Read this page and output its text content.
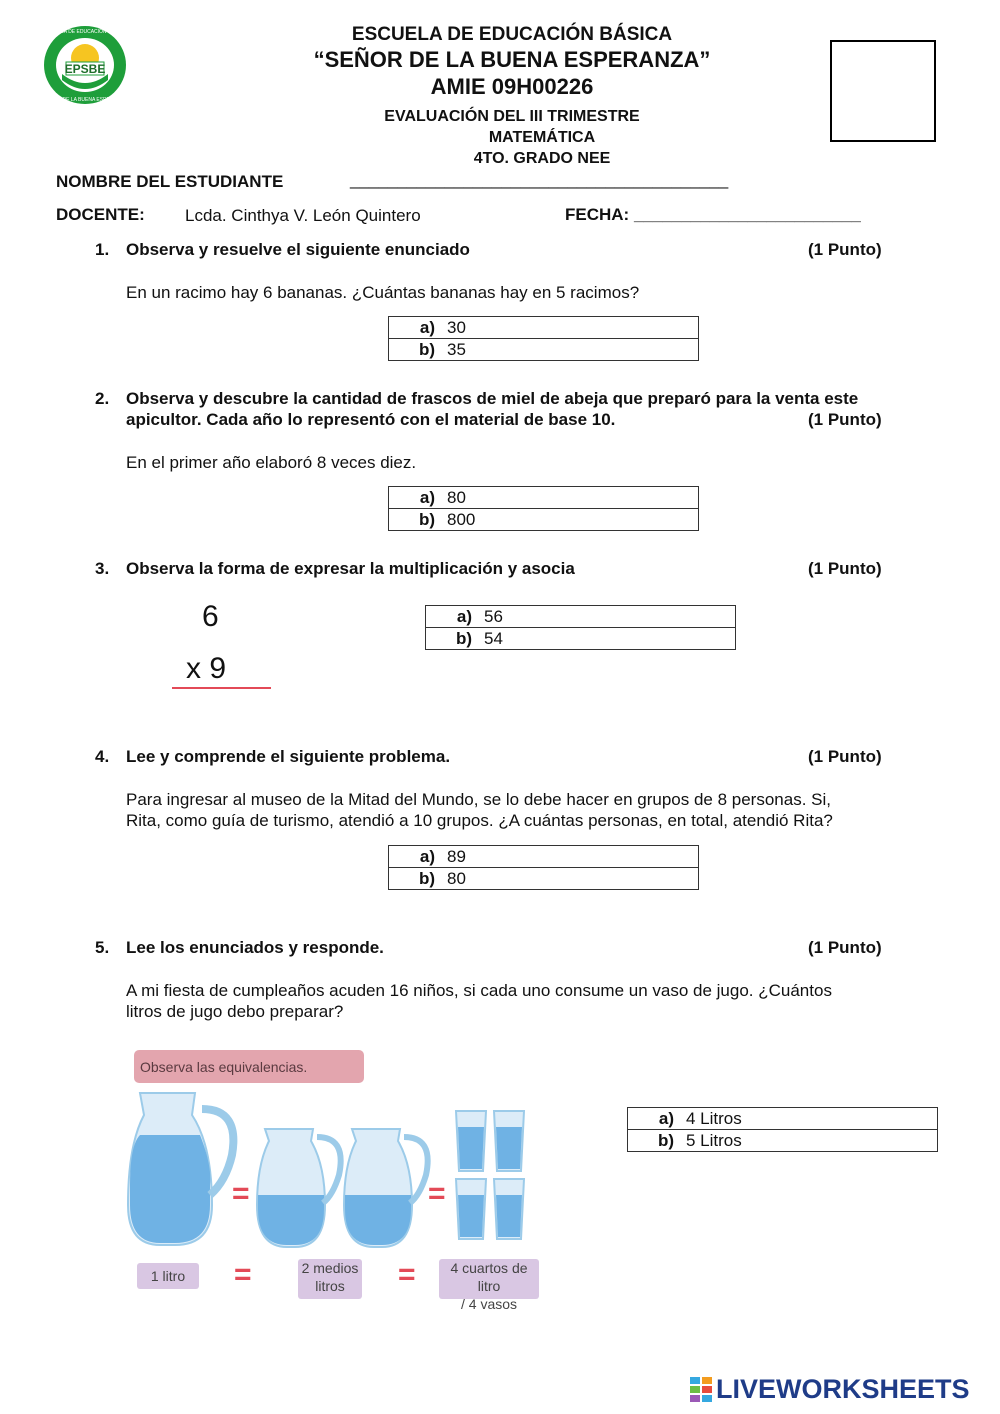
EPSBE
ESCUELA DE EDUCACIÓN BÁSICA
SEÑOR DE LA BUENA ESPERANZA
ESCUELA DE EDUCACIÓN BÁSICA
“SEÑOR DE LA BUENA ESPERANZA”
AMIE 09H00226
EVALUACIÓN DEL III TRIMESTRE
MATEMÁTICA
4TO. GRADO NEE
NOMBRE DEL ESTUDIANTE	________________________________________
DOCENTE: Lcda. Cinthya V. León Quintero	FECHA: ________________________
1. Observa y resuelve el siguiente enunciado	(1 Punto)
En un racimo hay 6 bananas. ¿Cuántas bananas hay en 5 racimos?
a) 30

b) 35
2. Observa y descubre la cantidad de frascos de miel de abeja que preparó para la venta este
apicultor. Cada año lo representó con el material de base 10.	(1 Punto)
En el primer año elaboró 8 veces diez.
a) 80

b) 800
3. Observa la forma de expresar la multiplicación y asocia	(1 Punto)
6
x 9
a) 56

b) 54
4. Lee y comprende el siguiente problema.	(1 Punto)
Para ingresar al museo de la Mitad del Mundo, se lo debe hacer en grupos de 8 personas. Si,
Rita, como guía de turismo, atendió a 10 grupos. ¿A cuántas personas, en total, atendió Rita?
a) 89

b) 80
5. Lee los enunciados y responde.	(1 Punto)
A mi fiesta de cumpleaños acuden 16 niños, si cada uno consume un vaso de jugo. ¿Cuántos
litros de jugo debo preparar?
a) 4 Litros

b) 5 Litros
Observa las equivalencias.
=	=
1 litro	=	2 medios
litros	=	4 cuartos de litro
/ 4 vasos
LIVEWORKSHEETS
